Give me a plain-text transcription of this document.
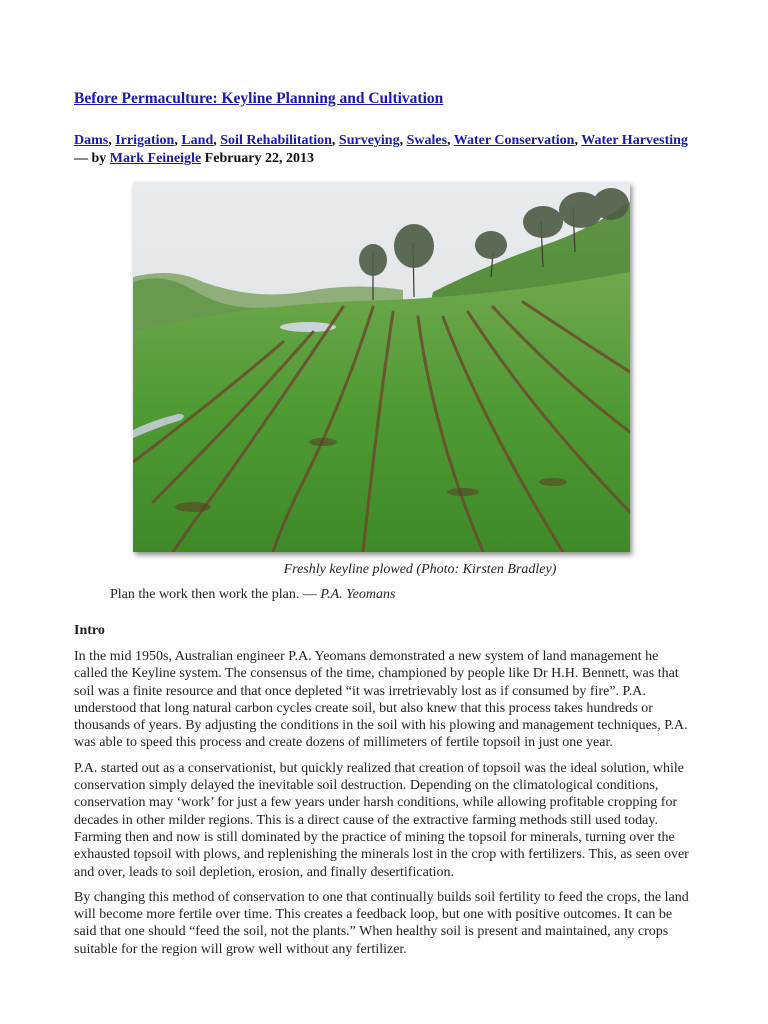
Before Permaculture: Keyline Planning and Cultivation
Dams, Irrigation, Land, Soil Rehabilitation, Surveying, Swales, Water Conservation, Water Harvesting — by Mark Feineigle February 22, 2013
Freshly keyline plowed (Photo: Kirsten Bradley)
Plan the work then work the plan. — P.A. Yeomans
Intro

In the mid 1950s, Australian engineer P.A. Yeomans demonstrated a new system of land management he called the Keyline system. The consensus of the time, championed by people like Dr H.H. Bennett, was that soil was a finite resource and that once depleted “it was irretrievably lost as if consumed by fire”. P.A. understood that long natural carbon cycles create soil, but also knew that this process takes hundreds or thousands of years. By adjusting the conditions in the soil with his plowing and management techniques, P.A. was able to speed this process and create dozens of millimeters of fertile topsoil in just one year.

P.A. started out as a conservationist, but quickly realized that creation of topsoil was the ideal solution, while conservation simply delayed the inevitable soil destruction. Depending on the climatological conditions, conservation may ‘work’ for just a few years under harsh conditions, while allowing profitable cropping for decades in other milder regions. This is a direct cause of the extractive farming methods still used today. Farming then and now is still dominated by the practice of mining the topsoil for minerals, turning over the exhausted topsoil with plows, and replenishing the minerals lost in the crop with fertilizers. This, as seen over and over, leads to soil depletion, erosion, and finally desertification.

By changing this method of conservation to one that continually builds soil fertility to feed the crops, the land will become more fertile over time. This creates a feedback loop, but one with positive outcomes. It can be said that one should “feed the soil, not the plants.” When healthy soil is present and maintained, any crops suitable for the region will grow well without any fertilizer.
